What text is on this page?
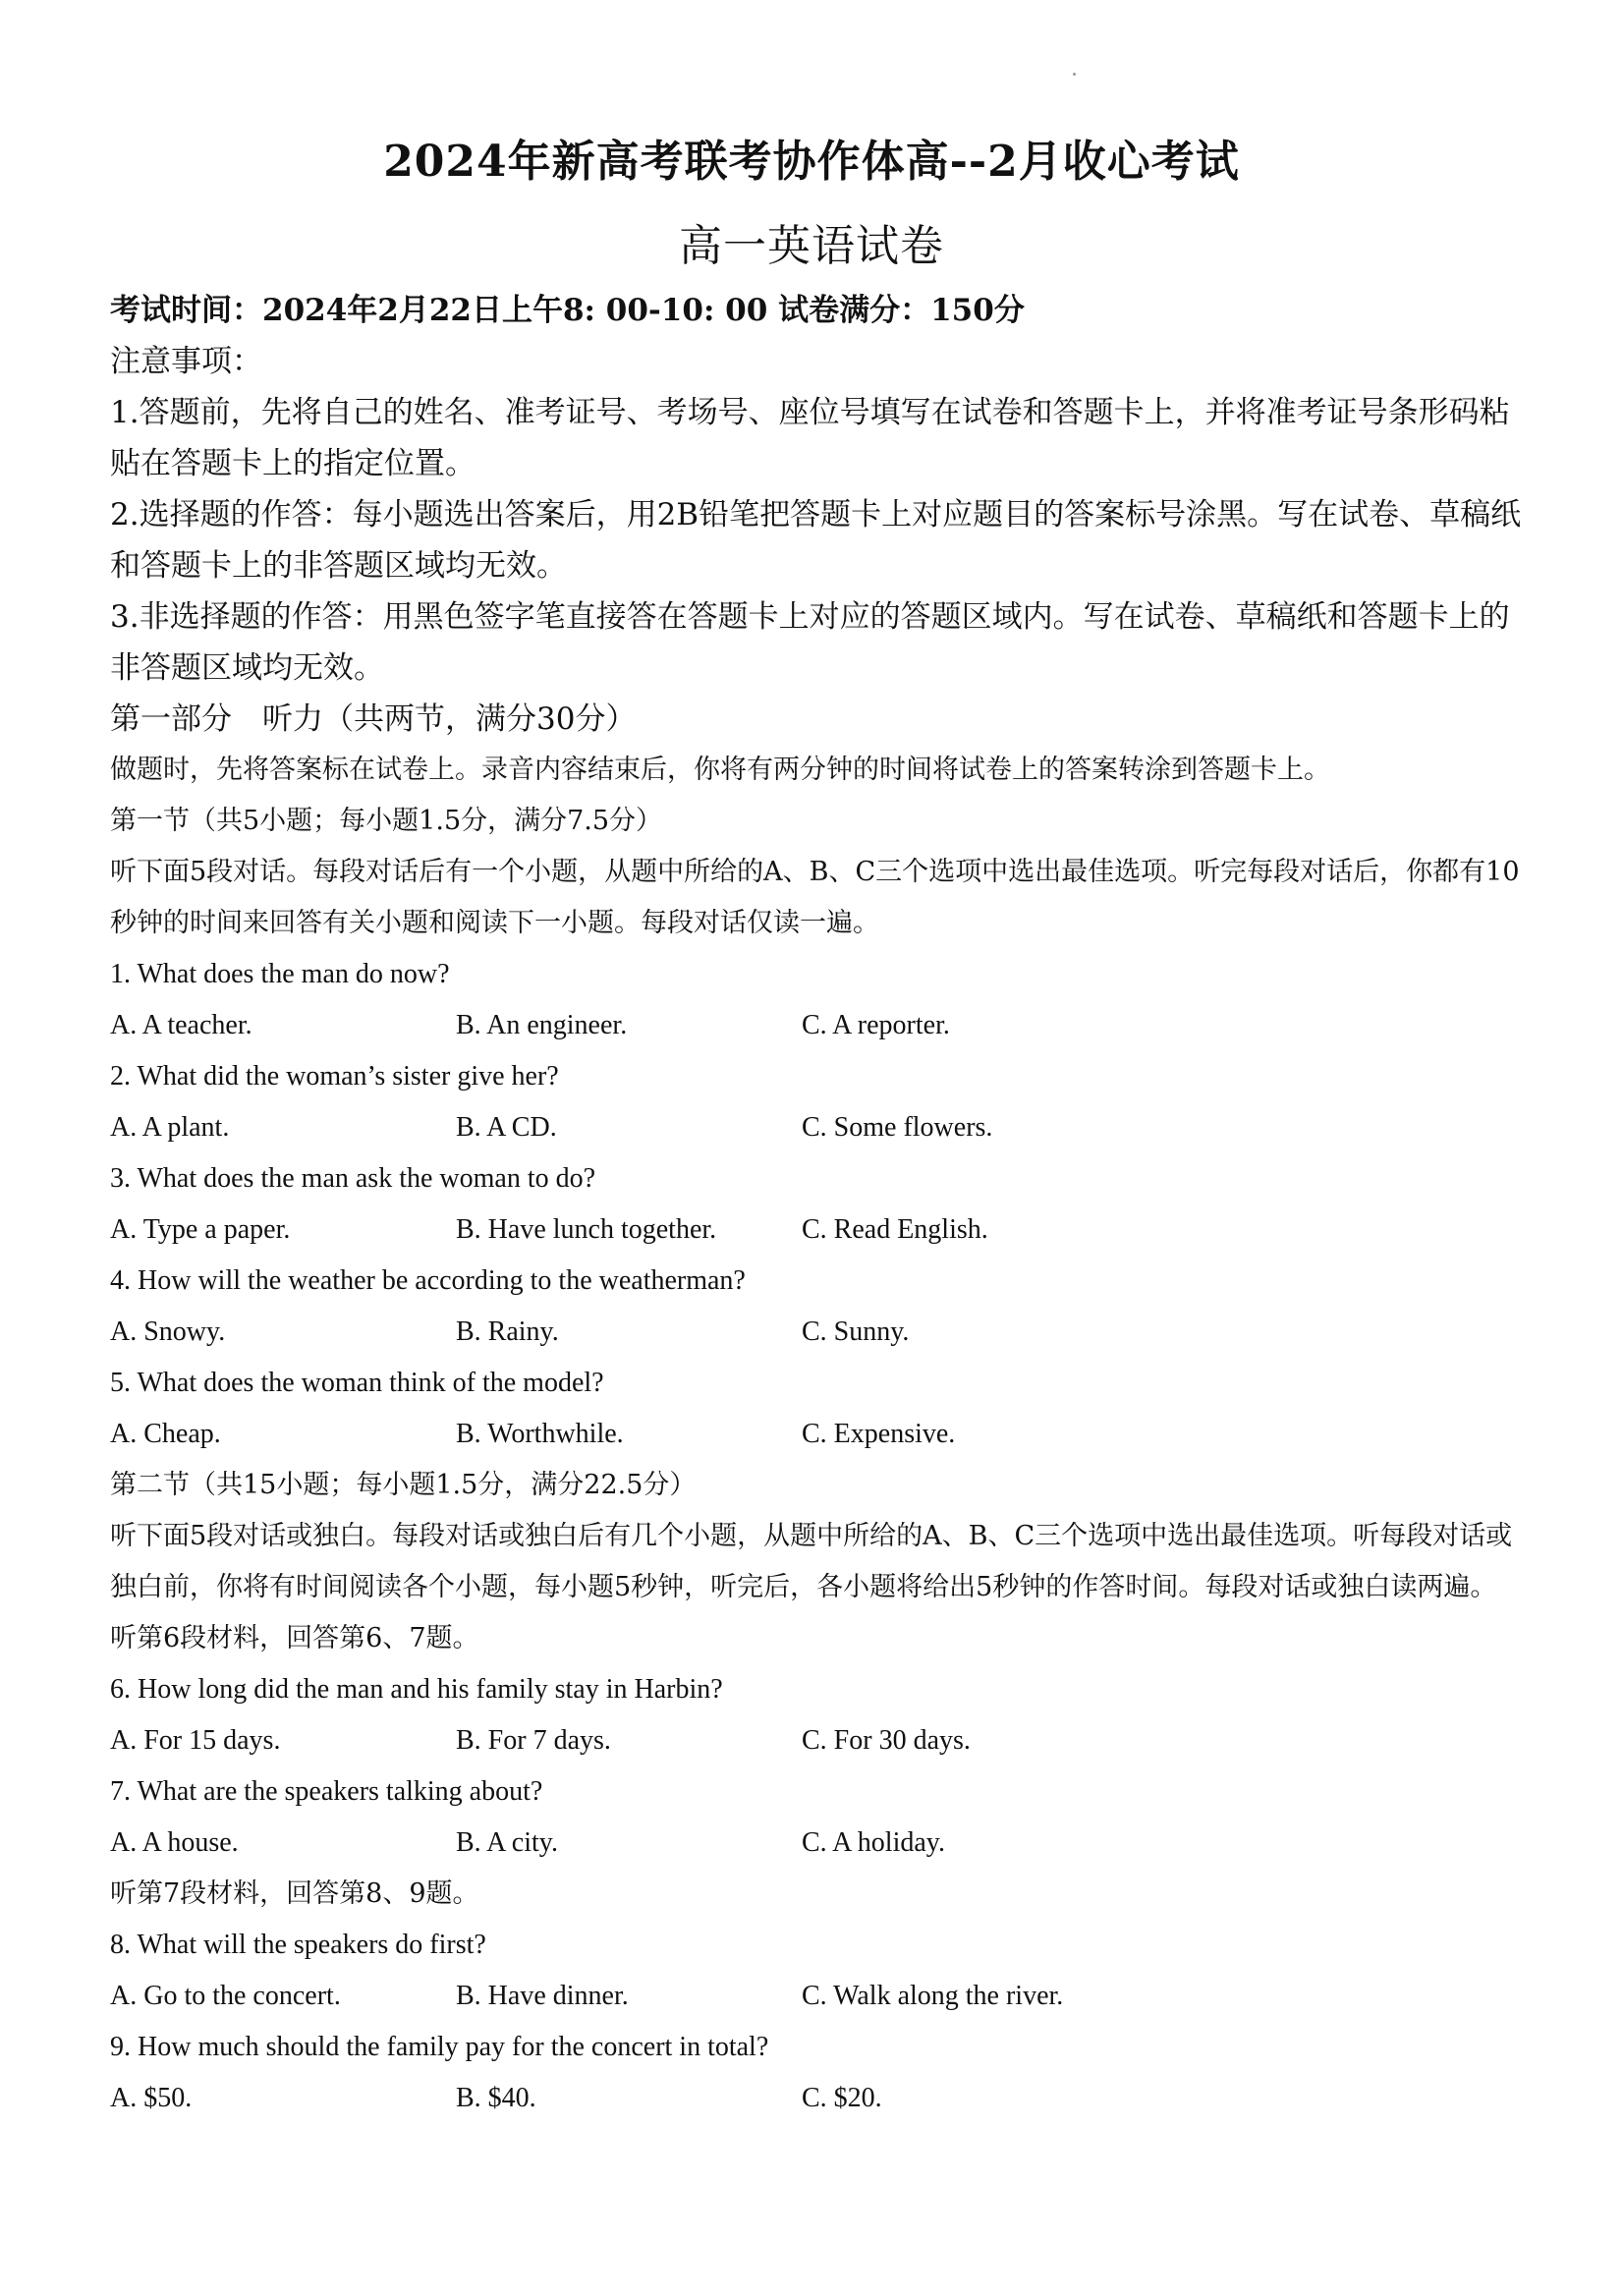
2024年新高考联考协作体高--2月收心考试
高一英语试卷
考试时间：2024年2月22日上午8: 00-10: 00 试卷满分：150分
注意事项：
1.答题前，先将自己的姓名、准考证号、考场号、座位号填写在试卷和答题卡上，并将准考证号条形码粘贴在答题卡上的指定位置。
2.选择题的作答：每小题选出答案后，用2B铅笔把答题卡上对应题目的答案标号涂黑。写在试卷、草稿纸和答题卡上的非答题区域均无效。
3.非选择题的作答：用黑色签字笔直接答在答题卡上对应的答题区域内。写在试卷、草稿纸和答题卡上的非答题区域均无效。
第一部分　听力（共两节，满分30分）
做题时，先将答案标在试卷上。录音内容结束后，你将有两分钟的时间将试卷上的答案转涂到答题卡上。
第一节（共5小题；每小题1.5分，满分7.5分）
听下面5段对话。每段对话后有一个小题，从题中所给的A、B、C三个选项中选出最佳选项。听完每段对话后，你都有10秒钟的时间来回答有关小题和阅读下一小题。每段对话仅读一遍。
1. What does the man do now?
A. A teacher.	B. An engineer.	C. A reporter.
2. What did the woman’s sister give her?
A. A plant.	B. A CD.	C. Some flowers.
3. What does the man ask the woman to do?
A. Type a paper.	B. Have lunch together.	C. Read English.
4. How will the weather be according to the weatherman?
A. Snowy.	B. Rainy.	C. Sunny.
5. What does the woman think of the model?
A. Cheap.	B. Worthwhile.	C. Expensive.
第二节（共15小题；每小题1.5分，满分22.5分）
听下面5段对话或独白。每段对话或独白后有几个小题，从题中所给的A、B、C三个选项中选出最佳选项。听每段对话或独白前，你将有时间阅读各个小题，每小题5秒钟，听完后，各小题将给出5秒钟的作答时间。每段对话或独白读两遍。
听第6段材料，回答第6、7题。
6. How long did the man and his family stay in Harbin?
A. For 15 days.	B. For 7 days.	C. For 30 days.
7. What are the speakers talking about?
A. A house.	B. A city.	C. A holiday.
听第7段材料，回答第8、9题。
8. What will the speakers do first?
A. Go to the concert.	B. Have dinner.	C. Walk along the river.
9. How much should the family pay for the concert in total?
A. $50.	B. $40.	C. $20.
